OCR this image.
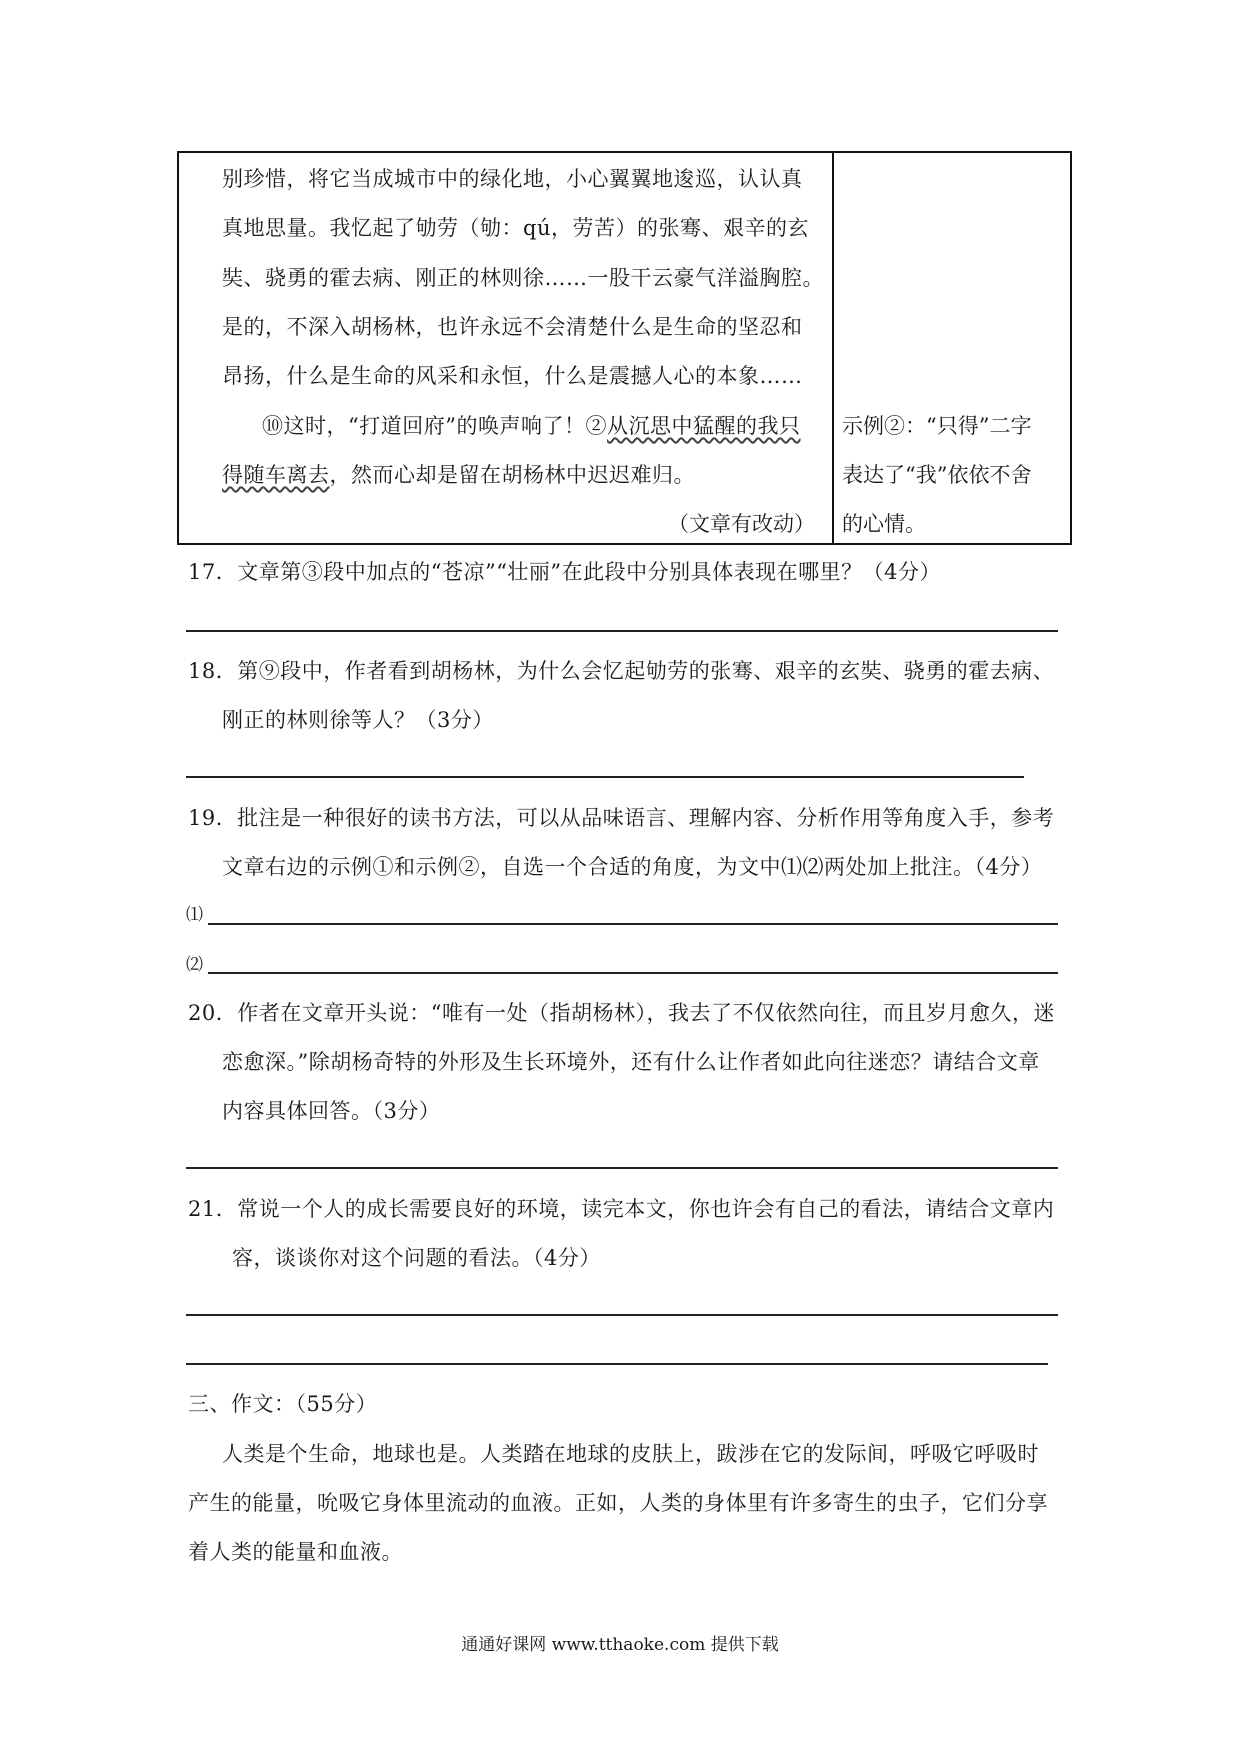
别珍惜，将它当成城市中的绿化地，小心翼翼地逡巡，认认真
真地思量。我忆起了劬劳（劬：qú，劳苦）的张骞、艰辛的玄
奘、骁勇的霍去病、刚正的林则徐……一股干云豪气洋溢胸腔。
是的，不深入胡杨林，也许永远不会清楚什么是生命的坚忍和
昂扬，什么是生命的风采和永恒，什么是震撼人心的本象……
⑩这时，“打道回府”的唤声响了！②从沉思中猛醒的我只
得随车离去，然而心却是留在胡杨林中迟迟难归。
（文章有改动）
示例②：“只得”二字
表达了“我”依依不舍
的心情。
17．文章第③段中加点的“苍凉”“壮丽”在此段中分别具体表现在哪里？（4分）
18．第⑨段中，作者看到胡杨林，为什么会忆起劬劳的张骞、艰辛的玄奘、骁勇的霍去病、
刚正的林则徐等人？（3分）
19．批注是一种很好的读书方法，可以从品味语言、理解内容、分析作用等角度入手，参考
文章右边的示例①和示例②，自选一个合适的角度，为文中⑴⑵两处加上批注。（4分）
⑴
⑵
20．作者在文章开头说：“唯有一处（指胡杨林），我去了不仅依然向往，而且岁月愈久，迷
恋愈深。”除胡杨奇特的外形及生长环境外，还有什么让作者如此向往迷恋？请结合文章
内容具体回答。（3分）
21．常说一个人的成长需要良好的环境，读完本文，你也许会有自己的看法，请结合文章内
容，谈谈你对这个问题的看法。（4分）
三、作文：（55分）
人类是个生命，地球也是。人类踏在地球的皮肤上，跋涉在它的发际间，呼吸它呼吸时
产生的能量，吮吸它身体里流动的血液。正如，人类的身体里有许多寄生的虫子，它们分享
着人类的能量和血液。
通通好课网 www.tthaoke.com 提供下载
